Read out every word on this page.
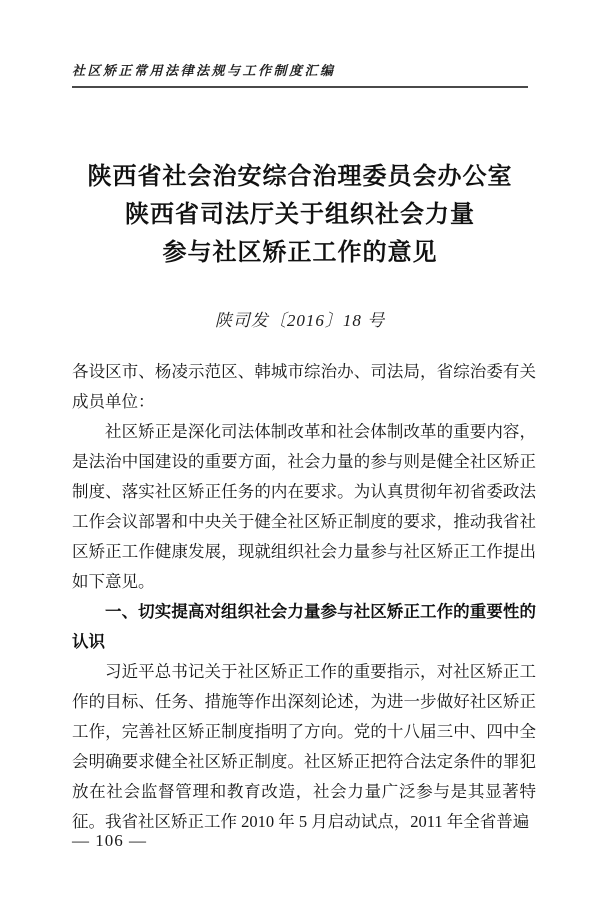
社区矫正常用法律法规与工作制度汇编
陕西省社会治安综合治理委员会办公室
陕西省司法厅关于组织社会力量
参与社区矫正工作的意见
陕司发〔2016〕18 号

各设区市、杨凌示范区、韩城市综治办、司法局，省综治委有关成员单位：

社区矫正是深化司法体制改革和社会体制改革的重要内容，是法治中国建设的重要方面，社会力量的参与则是健全社区矫正制度、落实社区矫正任务的内在要求。为认真贯彻年初省委政法工作会议部署和中央关于健全社区矫正制度的要求，推动我省社区矫正工作健康发展，现就组织社会力量参与社区矫正工作提出如下意见。

一、切实提高对组织社会力量参与社区矫正工作的重要性的认识

习近平总书记关于社区矫正工作的重要指示，对社区矫正工作的目标、任务、措施等作出深刻论述，为进一步做好社区矫正工作，完善社区矫正制度指明了方向。党的十八届三中、四中全会明确要求健全社区矫正制度。社区矫正把符合法定条件的罪犯放在社会监督管理和教育改造，社会力量广泛参与是其显著特征。我省社区矫正工作 2010 年 5 月启动试点，2011 年全省普遍

— 106 —
